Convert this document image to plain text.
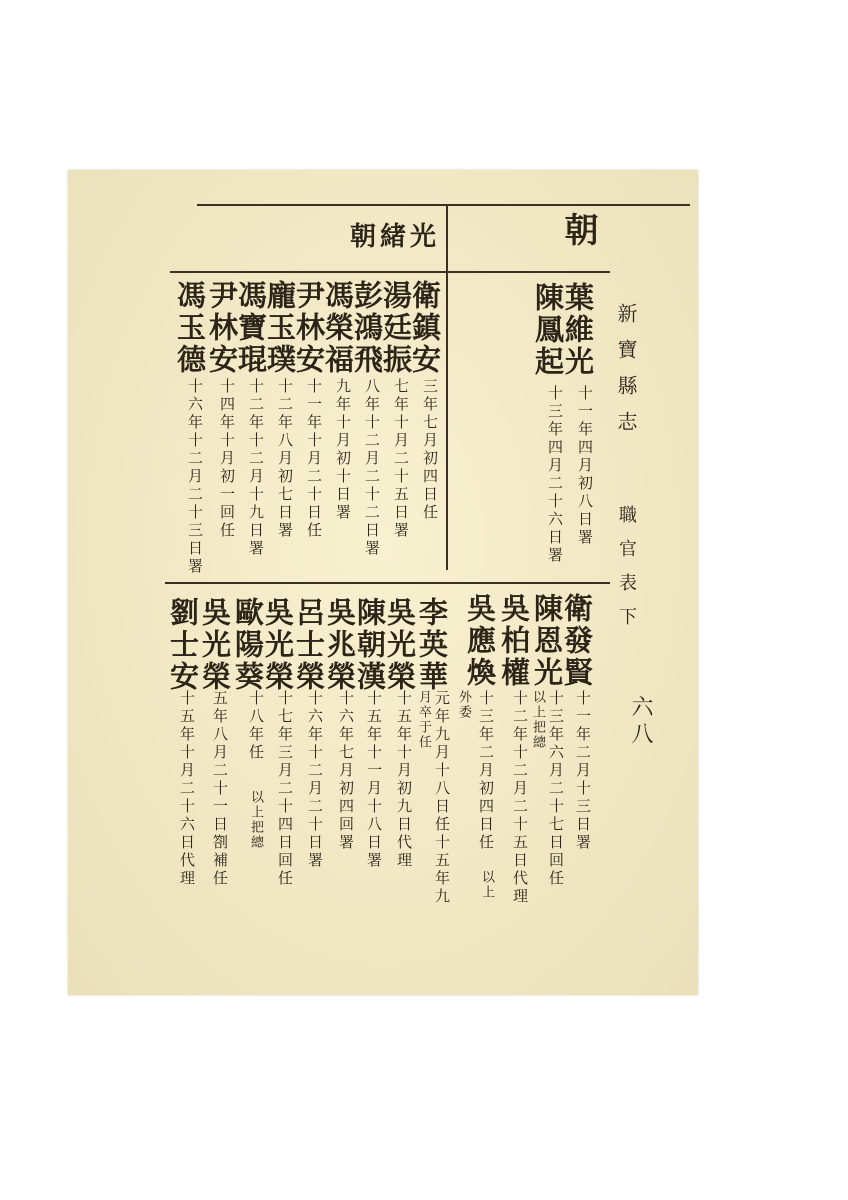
新寶縣志
職官表下
六八
朝
光緒朝
葉維光
十一年四月初八日署
陳鳳起
十三年四月二十六日署
衛鎮安
三年七月初四日任
湯廷振
七年十月二十五日署
彭鴻飛
八年十二月二十二日署
馮榮福
九年十月初十日署
尹林安
十一年十月二十日任
龐玉璞
十二年八月初七日署
馮寶琨
十二年十二月十九日署
尹林安
十四年十月初一回任
馮玉德
十六年十二月二十三日署
衛發賢
十一年二月十三日署
陳恩光
十三年六月二十七日回任
以上把總
吳柏權
十二年十二月二十五日代理
吳應煥
十三年二月初四日任
外委
以上
李英華
元年九月十八日任十五年九
月卒于任
吳光榮
十五年十月初九日代理
陳朝漢
十五年十一月十八日署
吳兆榮
十六年七月初四回署
呂士榮
十六年十二月二十日署
吳光榮
十七年三月二十四日回任
歐陽葵
十八年任
以上把總
吳光榮
五年八月二十一日劄補任
劉士安
十五年十月二十六日代理
